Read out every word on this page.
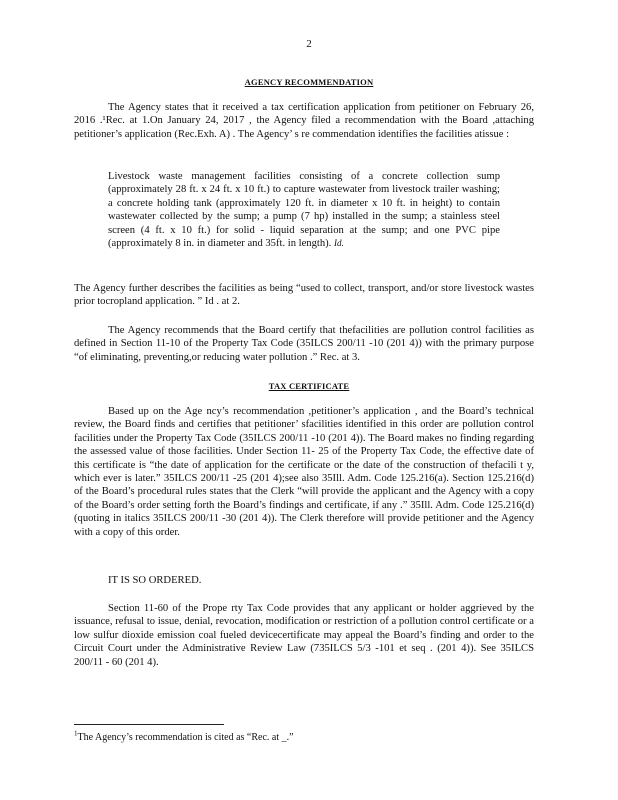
2
AGENCY RECOMMENDATION

The Agency states that it received a tax certification application from petitioner on February 26, 2016 .¹Rec. at 1.On January 24, 2017 , the Agency filed a recommendation with the Board ,attaching petitioner’s application (Rec.Exh. A) . The Agency’ s re commendation identifies the facilities atissue :

Livestock waste management facilities consisting of a concrete collection sump (approximately 28 ft. x 24 ft. x 10 ft.) to capture wastewater from livestock trailer washing; a concrete holding tank (approximately 120 ft. in diameter x 10 ft. in height) to contain wastewater collected by the sump; a pump (7 hp) installed in the sump; a stainless steel screen (4 ft. x 10 ft.) for solid - liquid separation at the sump; and one PVC pipe (approximately 8 in. in diameter and 35ft. in length). Id.

The Agency further describes the facilities as being “used to collect, transport, and/or store livestock wastes prior tocropland application. ” Id . at 2.

The Agency recommends that the Board certify that thefacilities are pollution control facilities as defined in Section 11-10 of the Property Tax Code (35ILCS 200/11 -10 (201 4)) with the primary purpose “of eliminating, preventing,or reducing water pollution .” Rec. at 3.

TAX CERTIFICATE

Based up on the Age ncy’s recommendation ,petitioner’s application , and the Board’s technical review, the Board finds and certifies that petitioner’ sfacilities identified in this order are pollution control facilities under the Property Tax Code (35ILCS 200/11 -10 (201 4)). The Board makes no finding regarding the assessed value of those facilities. Under Section 11- 25 of the Property Tax Code, the effective date of this certificate is “the date of application for the certificate or the date of the construction of thefacili t y, which ever is later.” 35ILCS 200/11 -25 (201 4);see also 35Ill. Adm. Code 125.216(a). Section 125.216(d) of the Board’s procedural rules states that the Clerk “will provide the applicant and the Agency with a copy of the Board’s order setting forth the Board’s findings and certificate, if any .” 35Ill. Adm. Code 125.216(d) (quoting in italics 35ILCS 200/11 -30 (201 4)). The Clerk therefore will provide petitioner and the Agency with a copy of this order.

IT IS SO ORDERED.

Section 11-60 of the Prope rty Tax Code provides that any applicant or holder aggrieved by the issuance, refusal to issue, denial, revocation, modification or restriction of a pollution control certificate or a low sulfur dioxide emission coal fueled devicecertificate may appeal the Board’s finding and order to the Circuit Court under the Administrative Review Law (735ILCS 5/3 -101 et seq . (201 4)). See 35ILCS 200/11 - 60 (201 4).

$^1$The Agency’s recommendation is cited as “Rec. at _.”
